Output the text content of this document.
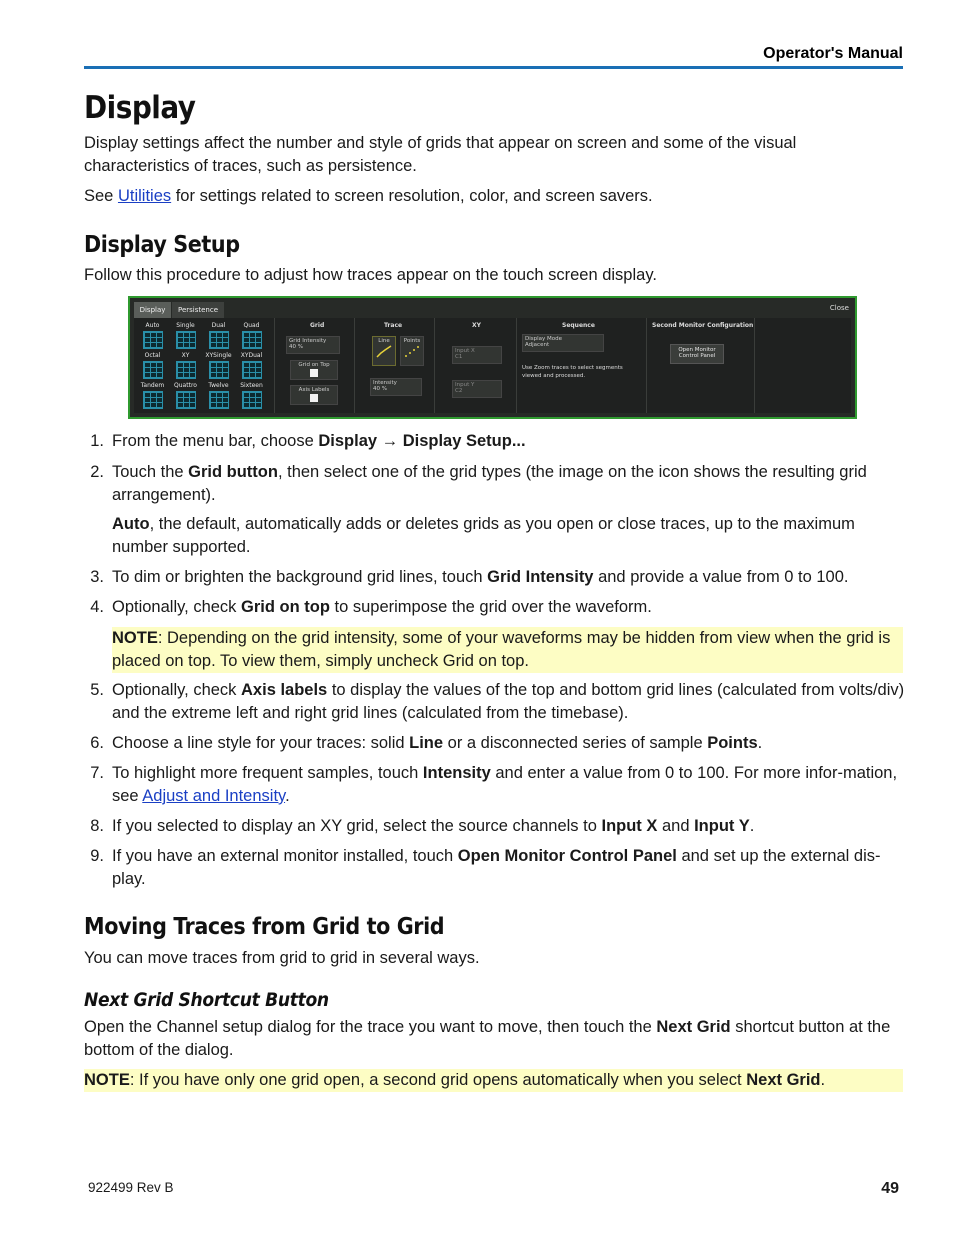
Operator's Manual
Display

Display settings affect the number and style of grids that appear on screen and some of the visual characteristics of traces, such as persistence.

See Utilities for settings related to screen resolution, color, and screen savers.

Display Setup

Follow this procedure to adjust how traces appear on the touch screen display.

Display	Persistence	Close
Auto	Single	Dual	Quad
Octal	XY	XYSingle	XYDual
Tandem	Quattro	Twelve	Sixteen
Grid
Grid Intensity
40 %
Grid on Top
Axis Labels
Trace
Line	Points
Intensity
40 %
XY
Input X
C1
Input Y
C2
Sequence
Display Mode
Adjacent
Use Zoom traces to select segments viewed and processed.
Second Monitor Configuration
Open Monitor Control Panel
1. From the menu bar, choose Display → Display Setup...
2. Touch the Grid button, then select one of the grid types (the image on the icon shows the resulting grid arrangement).
Auto, the default, automatically adds or deletes grids as you open or close traces, up to the maximum number supported.
3. To dim or brighten the background grid lines, touch Grid Intensity and provide a value from 0 to 100.
4. Optionally, check Grid on top to superimpose the grid over the waveform.
NOTE: Depending on the grid intensity, some of your waveforms may be hidden from view when the grid is placed on top. To view them, simply uncheck Grid on top.
5. Optionally, check Axis labels to display the values of the top and bottom grid lines (calculated from volts/div) and the extreme left and right grid lines (calculated from the timebase).
6. Choose a line style for your traces: solid Line or a disconnected series of sample Points.
7. To highlight more frequent samples, touch Intensity and enter a value from 0 to 100. For more infor-mation, see Adjust and Intensity.
8. If you selected to display an XY grid, select the source channels to Input X and Input Y.
9. If you have an external monitor installed, touch Open Monitor Control Panel and set up the external dis-play.
Moving Traces from Grid to Grid

You can move traces from grid to grid in several ways.

Next Grid Shortcut Button

Open the Channel setup dialog for the trace you want to move, then touch the Next Grid shortcut button at the bottom of the dialog.

NOTE: If you have only one grid open, a second grid opens automatically when you select Next Grid.

922499 Rev B	49
